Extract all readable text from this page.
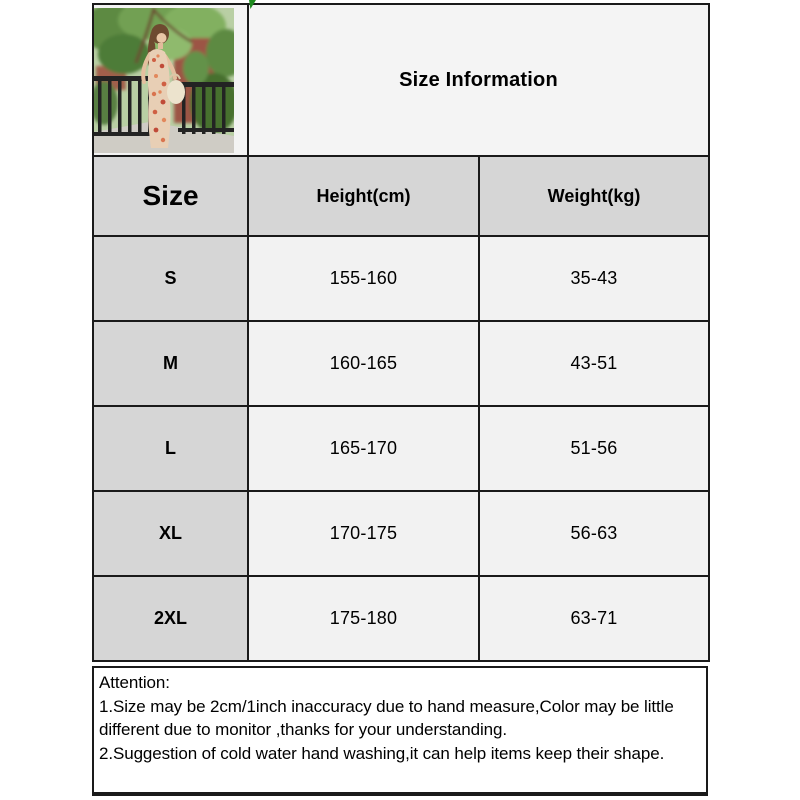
	Size Information	
Size	Height(cm)	Weight(kg)
S	155-160	35-43
M	160-165	43-51
L	165-170	51-56
XL	170-175	56-63
2XL	175-180	63-71
Attention:
1.Size may be 2cm/1inch inaccuracy due to hand measure,Color may be little
different due to monitor ,thanks for your understanding.
2.Suggestion of cold water hand washing,it can help items keep their shape.
